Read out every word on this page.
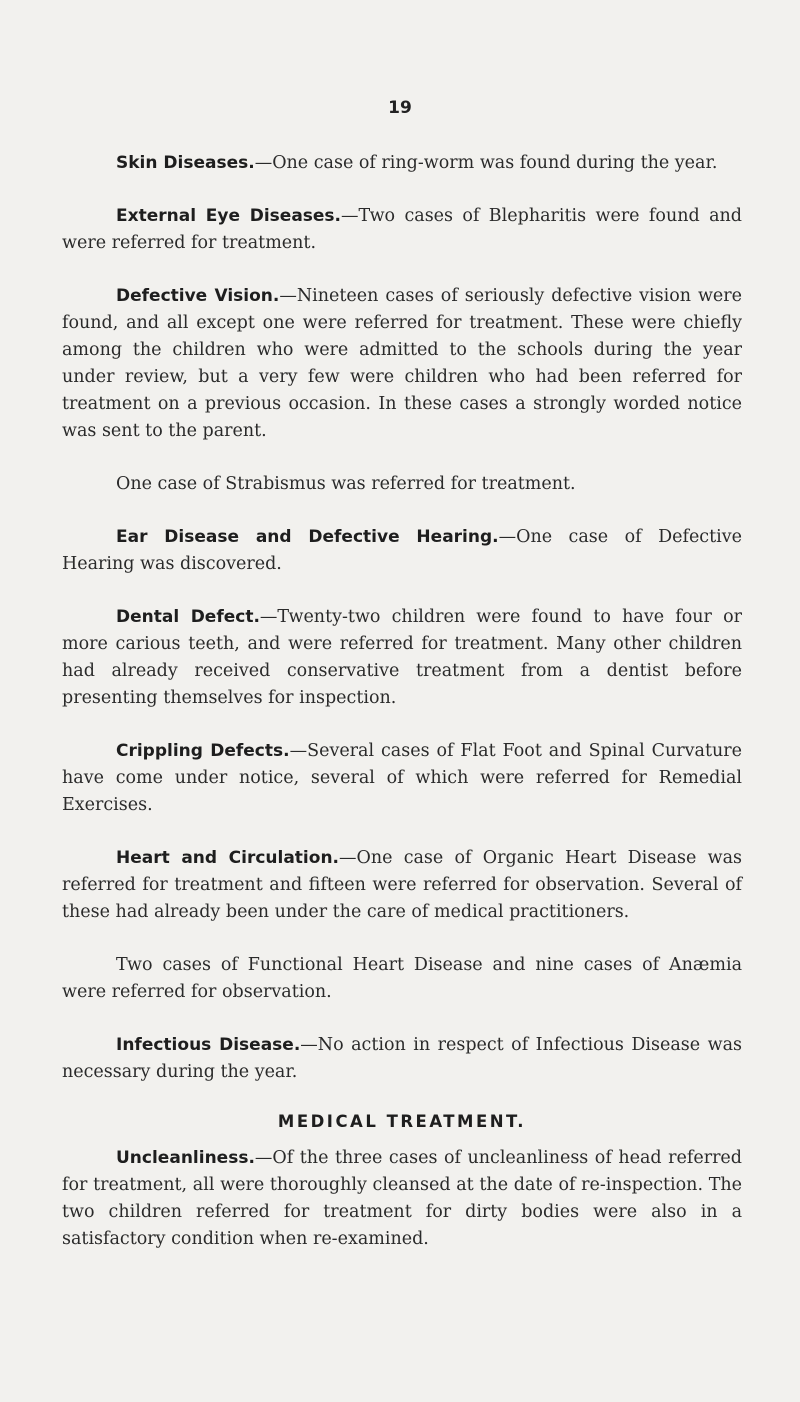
19

Skin Diseases.—One case of ring-worm was found during the year.

External Eye Diseases.—Two cases of Blepharitis were found and were referred for treatment.

Defective Vision.—Nineteen cases of seriously defective vision were found, and all except one were referred for treatment. These were chiefly among the children who were admitted to the schools during the year under review, but a very few were children who had been referred for treatment on a previous occasion. In these cases a strongly worded notice was sent to the parent.

One case of Strabismus was referred for treatment.

Ear Disease and Defective Hearing.—One case of Defective Hearing was discovered.

Dental Defect.—Twenty-two children were found to have four or more carious teeth, and were referred for treatment. Many other children had already received conservative treatment from a dentist before presenting themselves for inspection.

Crippling Defects.—Several cases of Flat Foot and Spinal Curvature have come under notice, several of which were referred for Remedial Exercises.

Heart and Circulation.—One case of Organic Heart Disease was referred for treatment and fifteen were referred for observation. Several of these had already been under the care of medical practitioners.

Two cases of Functional Heart Disease and nine cases of Anæmia were referred for observation.

Infectious Disease.—No action in respect of Infectious Disease was necessary during the year.

MEDICAL TREATMENT.

Uncleanliness.—Of the three cases of uncleanliness of head referred for treatment, all were thoroughly cleansed at the date of re-inspection. The two children referred for treatment for dirty bodies were also in a satisfactory condition when re-examined.
